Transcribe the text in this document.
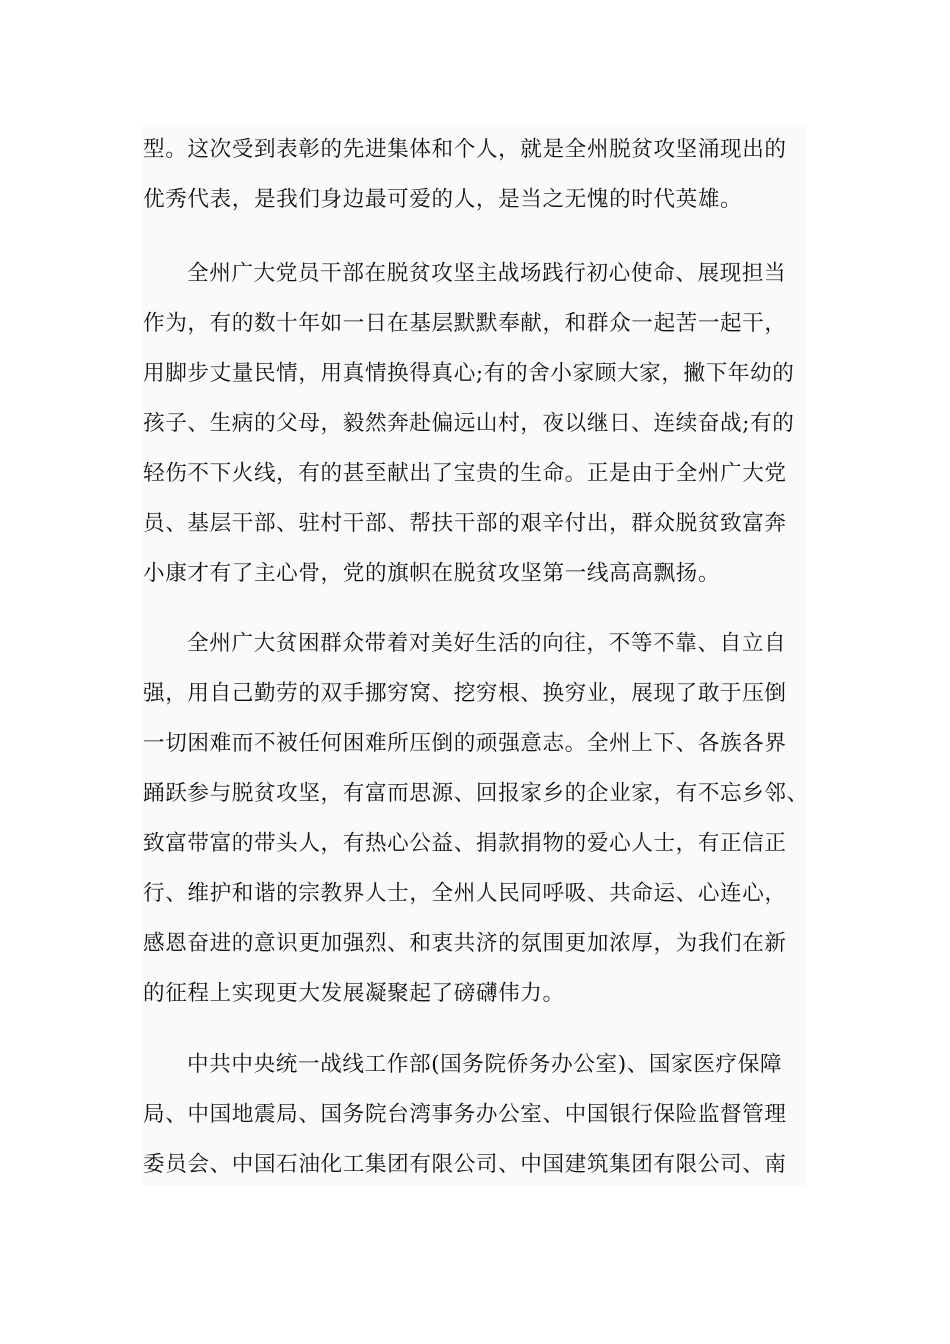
型。这次受到表彰的先进集体和个人，就是全州脱贫攻坚涌现出的
优秀代表，是我们身边最可爱的人，是当之无愧的时代英雄。

全州广大党员干部在脱贫攻坚主战场践行初心使命、展现担当
作为，有的数十年如一日在基层默默奉献，和群众一起苦一起干，
用脚步丈量民情，用真情换得真心;有的舍小家顾大家，撇下年幼的
孩子、生病的父母，毅然奔赴偏远山村，夜以继日、连续奋战;有的
轻伤不下火线，有的甚至献出了宝贵的生命。正是由于全州广大党
员、基层干部、驻村干部、帮扶干部的艰辛付出，群众脱贫致富奔
小康才有了主心骨，党的旗帜在脱贫攻坚第一线高高飘扬。

全州广大贫困群众带着对美好生活的向往，不等不靠、自立自
强，用自己勤劳的双手挪穷窝、挖穷根、换穷业，展现了敢于压倒
一切困难而不被任何困难所压倒的顽强意志。全州上下、各族各界
踊跃参与脱贫攻坚，有富而思源、回报家乡的企业家，有不忘乡邻、
致富带富的带头人，有热心公益、捐款捐物的爱心人士，有正信正
行、维护和谐的宗教界人士，全州人民同呼吸、共命运、心连心，
感恩奋进的意识更加强烈、和衷共济的氛围更加浓厚，为我们在新
的征程上实现更大发展凝聚起了磅礴伟力。

中共中央统一战线工作部(国务院侨务办公室)、国家医疗保障
局、中国地震局、国务院台湾事务办公室、中国银行保险监督管理
委员会、中国石油化工集团有限公司、中国建筑集团有限公司、南
